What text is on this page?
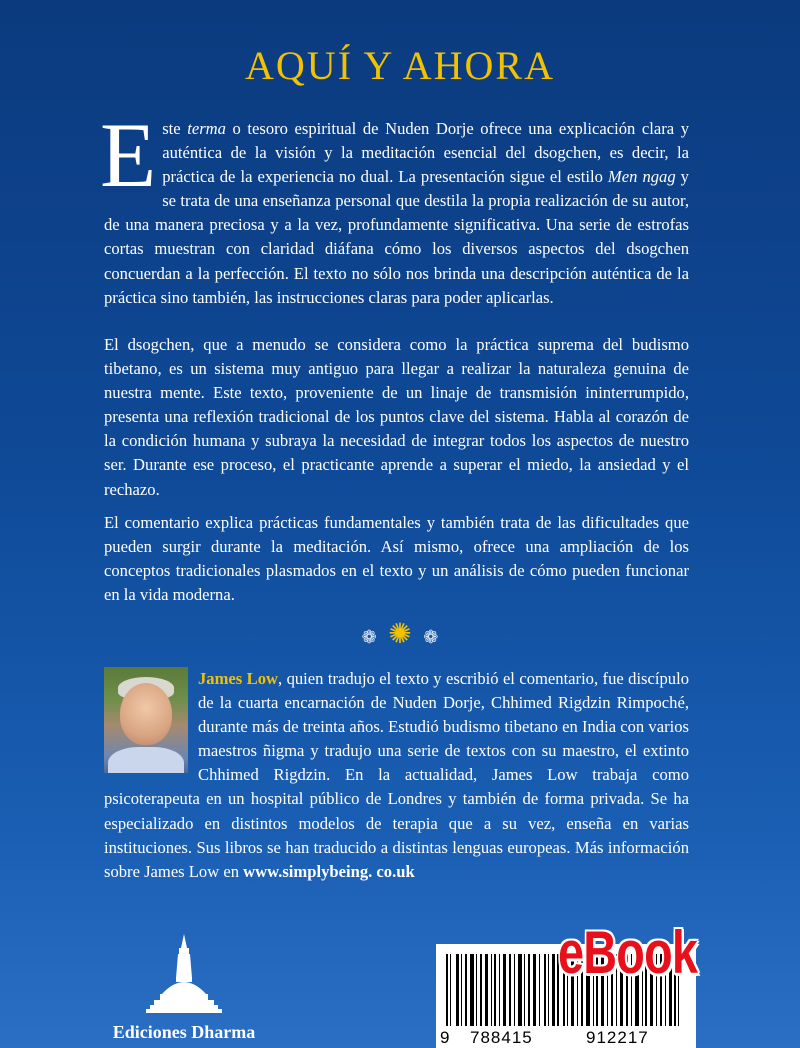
AQUÍ Y AHORA

Este terma o tesoro espiritual de Nuden Dorje ofrece una explicación clara y auténtica de la visión y la meditación esencial del dsogchen, es decir, la práctica de la experiencia no dual. La presentación sigue el estilo Men ngag y se trata de una enseñanza personal que destila la propia realización de su autor, de una manera preciosa y a la vez, profundamente significativa. Una serie de estrofas cortas muestran con claridad diáfana cómo los diversos aspectos del dsogchen concuerdan a la perfección. El texto no sólo nos brinda una descripción auténtica de la práctica sino también, las instrucciones claras para poder aplicarlas.

El dsogchen, que a menudo se considera como la práctica suprema del budismo tibetano, es un sistema muy antiguo para llegar a realizar la naturaleza genuina de nuestra mente. Este texto, proveniente de un linaje de transmisión ininterrumpido, presenta una reflexión tradicional de los puntos clave del sistema. Habla al corazón de la condición humana y subraya la necesidad de integrar todos los aspectos de nuestro ser. Durante ese proceso, el practicante aprende a superar el miedo, la ansiedad y el rechazo.

El comentario explica prácticas fundamentales y también trata de las dificultades que pueden surgir durante la meditación. Así mismo, ofrece una ampliación de los conceptos tradicionales plasmados en el texto y un análisis de cómo pueden funcionar en la vida moderna.

❁ ✺ ❁

James Low, quien tradujo el texto y escribió el comentario, fue discípulo de la cuarta encarnación de Nuden Dorje, Chhimed Rigdzin Rimpoché, durante más de treinta años. Estudió budismo tibetano en India con varios maestros ñigma y tradujo una serie de textos con su maestro, el extinto Chhimed Rigdzin. En la actualidad, James Low trabaja como psicoterapeuta en un hospital público de Londres y también de forma privada. Se ha especializado en distintos modelos de terapia que a su vez, enseña en varias instituciones. Sus libros se han traducido a distintas lenguas europeas. Más información sobre James Low en www.simplybeing. co.uk

Ediciones Dharma	9 788415	912217
eBook
